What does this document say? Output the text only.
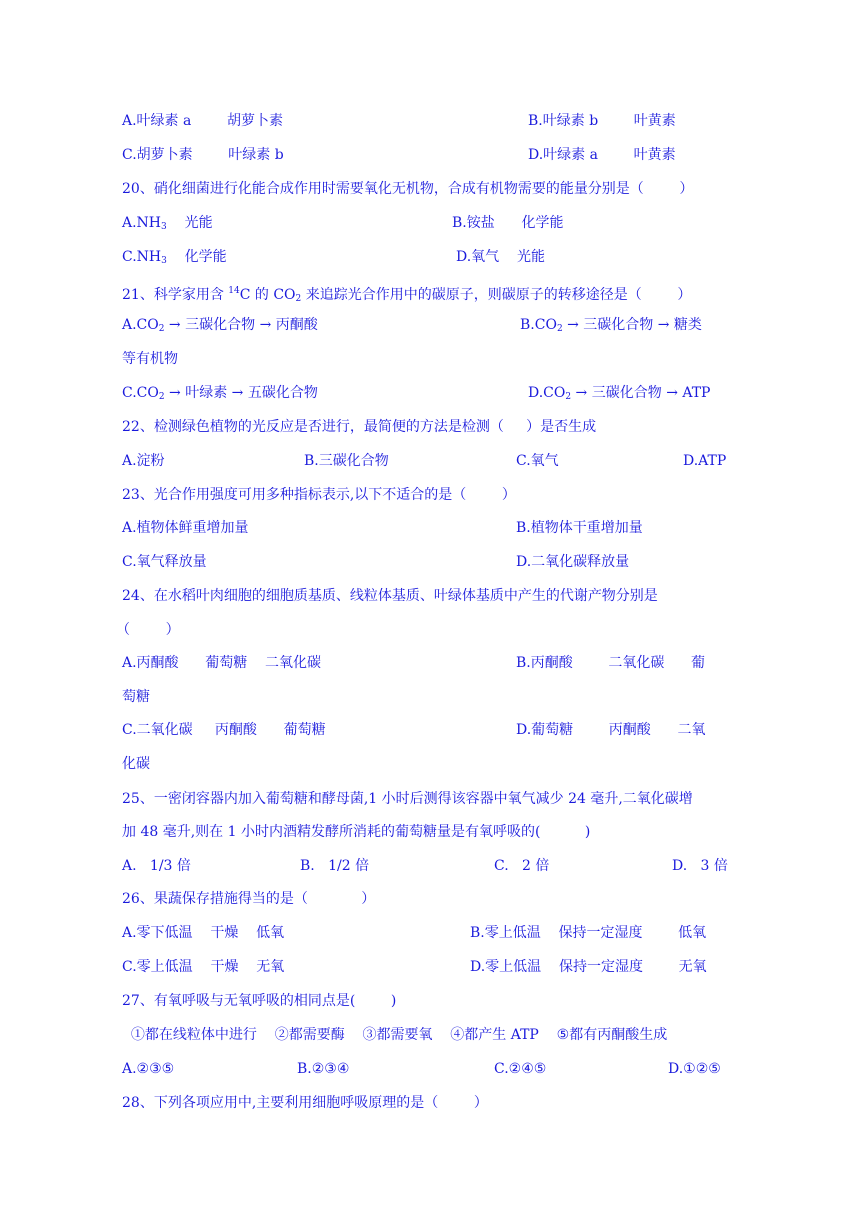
A.叶绿素 a        胡萝卜素	B.叶绿素 b        叶黄素
C.胡萝卜素        叶绿素 b	D.叶绿素 a        叶黄素
20、硝化细菌进行化能合成作用时需要氧化无机物，合成有机物需要的能量分别是（        ）
$A.NH_3$    光能	B.铵盐      化学能
$C.NH_3$    化学能	D.氧气    光能
21、科学家用含 $^{14}$C 的 $CO_2$ 来追踪光合作用中的碳原子，则碳原子的转移途径是（        ）
$A.CO_2$ → 三碳化合物 → 丙酮酸	$B.CO_2$ → 三碳化合物 → 糖类
等有机物
$C.CO_2$ → 叶绿素 → 五碳化合物	$D.CO_2$ → 三碳化合物 → ATP
22、检测绿色植物的光反应是否进行，最简便的方法是检测（     ）是否生成
A.淀粉	B.三碳化合物	C.氧气	D.ATP
23、光合作用强度可用多种指标表示,以下不适合的是（        ）
A.植物体鲜重增加量	B.植物体干重增加量
C.氧气释放量	D.二氧化碳释放量
24、在水稻叶肉细胞的细胞质基质、线粒体基质、叶绿体基质中产生的代谢产物分别是
（        ）
A.丙酮酸      葡萄糖    二氧化碳	B.丙酮酸        二氧化碳      葡
萄糖
C.二氧化碳     丙酮酸      葡萄糖	D.葡萄糖        丙酮酸      二氧
化碳
25、一密闭容器内加入葡萄糖和酵母菌,1 小时后测得该容器中氧气减少 24 毫升,二氧化碳增
加 48 毫升,则在 1 小时内酒精发酵所消耗的葡萄糖量是有氧呼吸的(          )
A.   1/3 倍	B.   1/2 倍	C.   2 倍	D.   3 倍
26、果蔬保存措施得当的是（            ）
A.零下低温    干燥    低氧	B.零上低温    保持一定湿度        低氧
C.零上低温    干燥    无氧	D.零上低温    保持一定湿度        无氧
27、有氧呼吸与无氧呼吸的相同点是(        )
①都在线粒体中进行    ②都需要酶    ③都需要氧    ④都产生 ATP    ⑤都有丙酮酸生成
A.②③⑤	B.②③④	C.②④⑤	D.①②⑤
28、下列各项应用中,主要利用细胞呼吸原理的是（        ）
